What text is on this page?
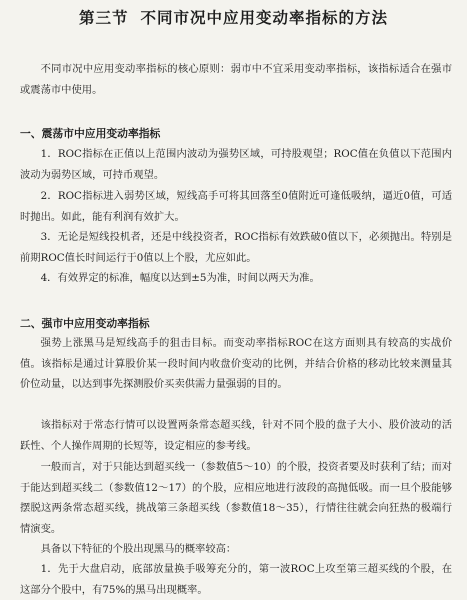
第三节 不同市况中应用变动率指标的方法
不同市况中应用变动率指标的核心原则：弱市中不宜采用变动率指标，该指标适合在强市或震荡市中使用。
一、震荡市中应用变动率指标
1．ROC指标在正值以上范围内波动为强势区域，可持股观望；ROC值在负值以下范围内波动为弱势区域，可持币观望。
2．ROC指标进入弱势区域，短线高手可将其回落至0值附近可逢低吸纳，逼近0值，可适时抛出。如此，能有利润有效扩大。
3．无论是短线投机者，还是中线投资者，ROC指标有效跌破0值以下，必须抛出。特别是前期ROC值长时间运行于0值以上个股，尤应如此。
4．有效界定的标准，幅度以达到±5为准，时间以两天为准。
二、强市中应用变动率指标
强势上涨黑马是短线高手的狙击目标。而变动率指标ROC在这方面则具有较高的实战价值。该指标是通过计算股价某一段时间内收盘价变动的比例，并结合价格的移动比较来测量其价位动量，以达到事先探测股价买卖供需力量强弱的目的。
该指标对于常态行情可以设置两条常态超买线，针对不同个股的盘子大小、股价波动的活跃性、个人操作周期的长短等，设定相应的参考线。
一般而言，对于只能达到超买线一（参数值5～10）的个股，投资者要及时获利了结；而对于能达到超买线二（参数值12～17）的个股，应相应地进行波段的高抛低吸。而一旦个股能够摆脱这两条常态超买线，挑战第三条超买线（参数值18～35），行情往往就会向狂热的极端行情演变。
具备以下特征的个股出现黑马的概率较高：
1．先于大盘启动，底部放量换手吸筹充分的，第一波ROC上攻至第三超买线的个股，在这部分个股中，有75%的黑马出现概率。
